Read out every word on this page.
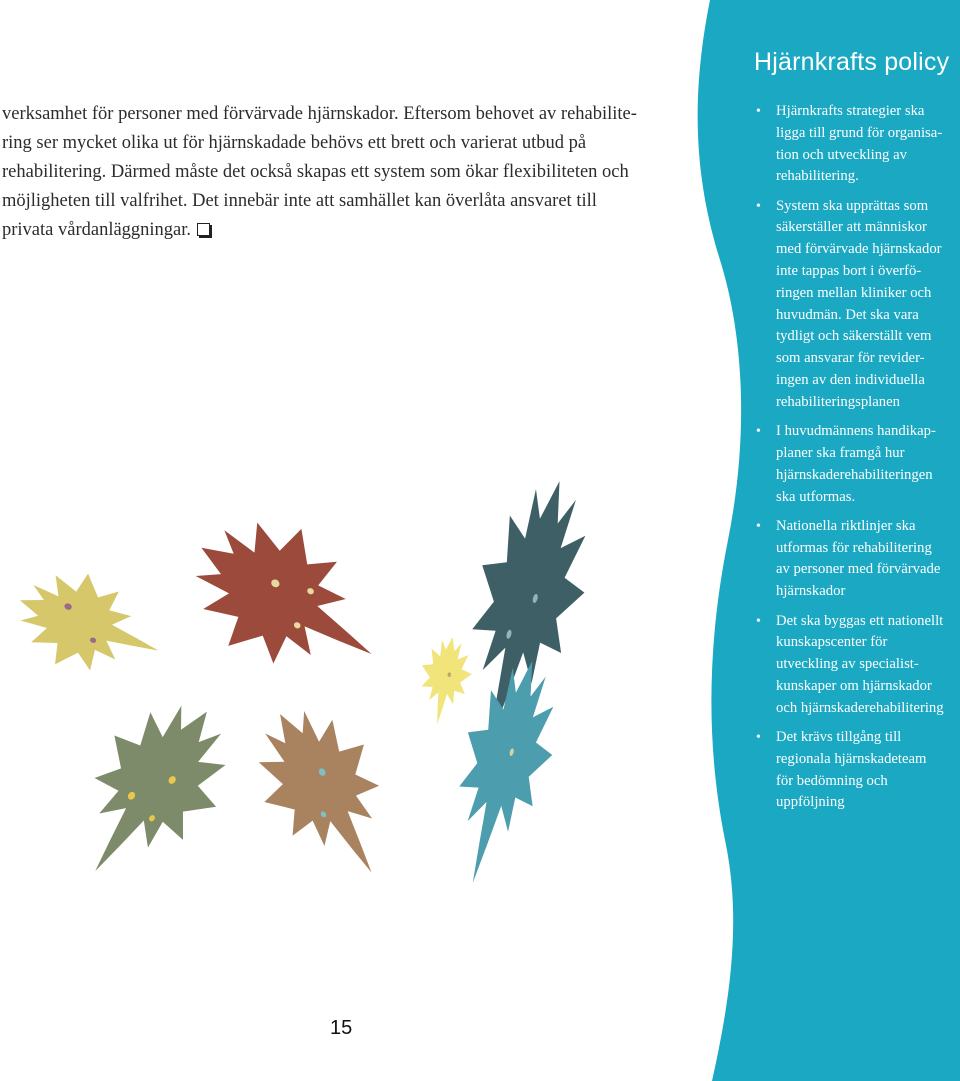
verksamhet för personer med förvärvade hjärnskador. Eftersom behovet av rehabilite-
ring ser mycket olika ut för hjärnskadade behövs ett brett och varierat utbud på
rehabilitering. Därmed måste det också skapas ett system som ökar flexibiliteten och
möjligheten till valfrihet. Det innebär inte att samhället kan överlåta ansvaret till
privata vårdanläggningar.

15
Hjärnkrafts policy
• Hjärnkrafts strategier ska
ligga till grund för organisa-
tion och utveckling av
rehabilitering.
• System ska upprättas som
säkerställer att människor
med förvärvade hjärnskador
inte tappas bort i överfö-
ringen mellan kliniker och
huvudmän. Det ska vara
tydligt och säkerställt vem
som ansvarar för revider-
ingen av den individuella
rehabiliteringsplanen
• I huvudmännens handikap-
planer ska framgå hur
hjärnskaderehabiliteringen
ska utformas.
• Nationella riktlinjer ska
utformas för rehabilitering
av personer med förvärvade
hjärnskador
• Det ska byggas ett nationellt
kunskapscenter för
utveckling av specialist-
kunskaper om hjärnskador
och hjärnskaderehabilitering
• Det krävs tillgång till
regionala hjärnskadeteam
för bedömning och
uppföljning
